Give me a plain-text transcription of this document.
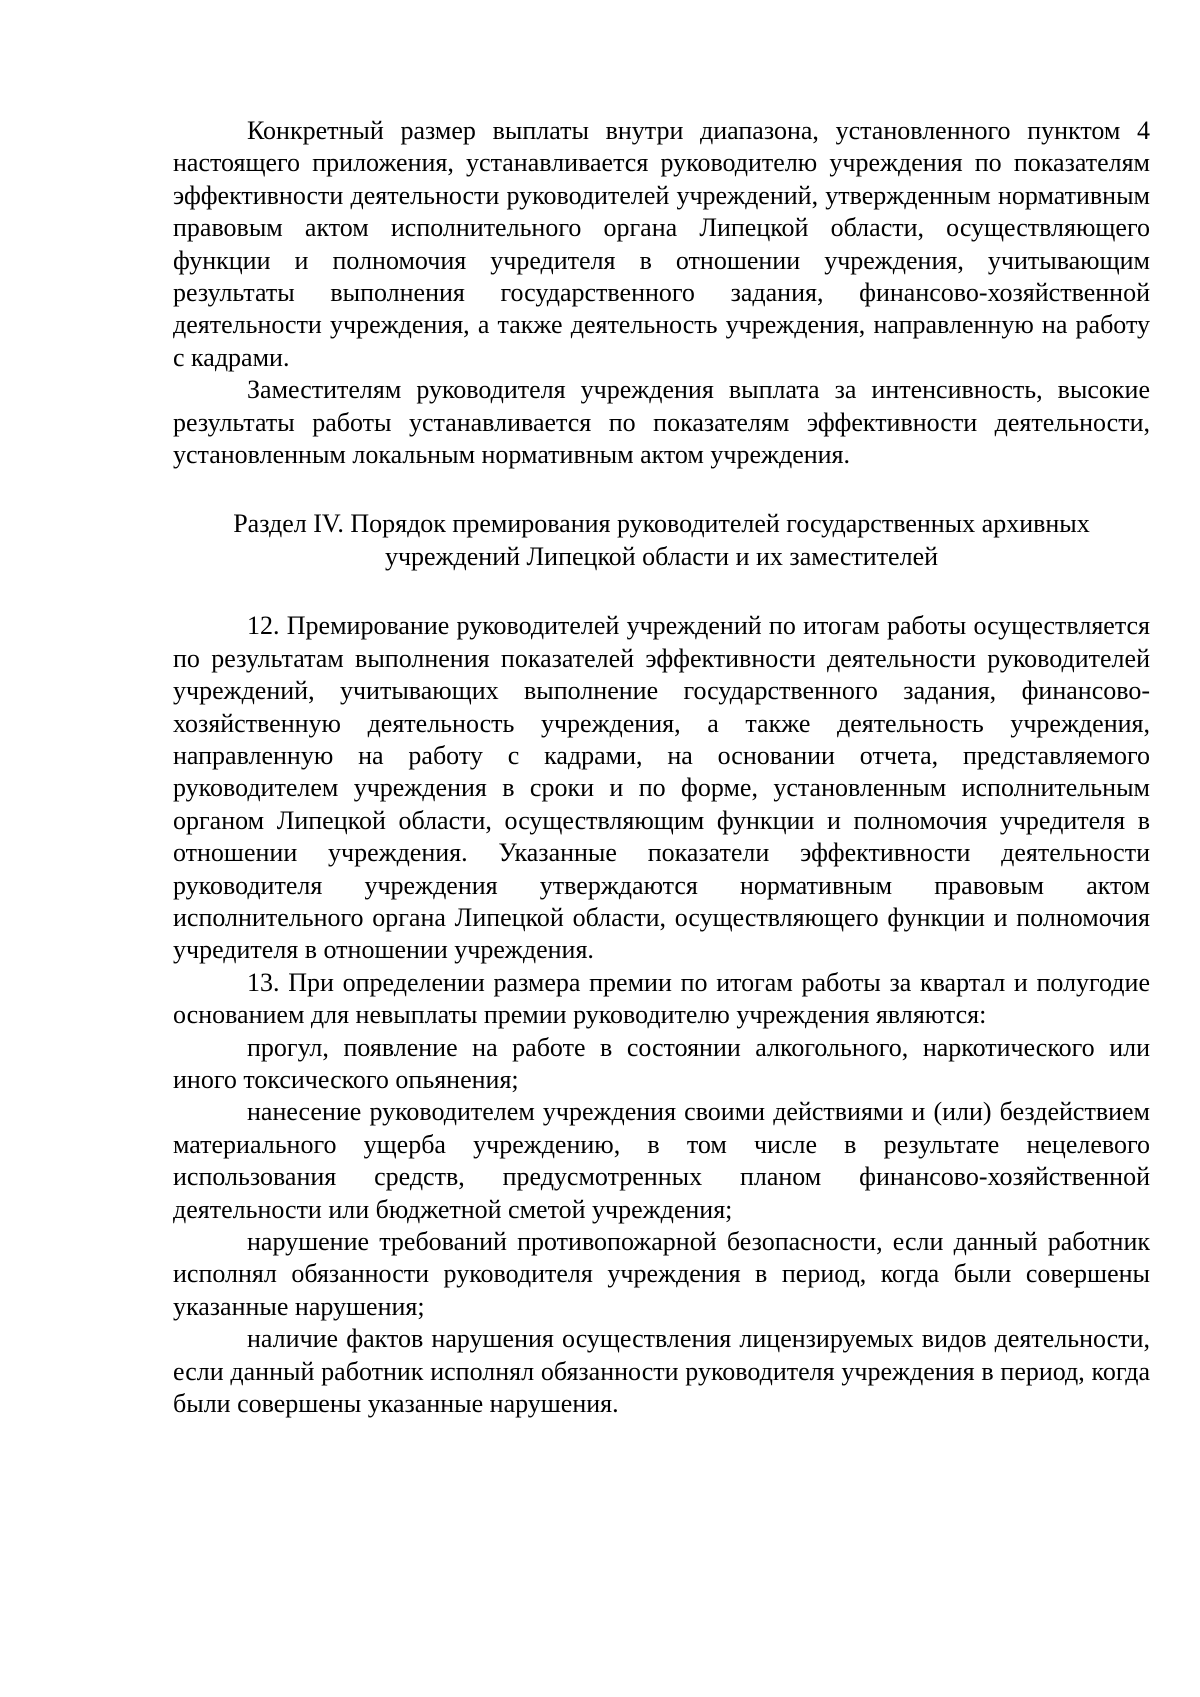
Конкретный размер выплаты внутри диапазона, установленного пунктом 4 настоящего приложения, устанавливается руководителю учреждения по показателям эффективности деятельности руководителей учреждений, утвержденным нормативным правовым актом исполнительного органа Липецкой области, осуществляющего функции и полномочия учредителя в отношении учреждения, учитывающим результаты выполнения государственного задания, финансово-хозяйственной деятельности учреждения, а также деятельность учреждения, направленную на работу с кадрами.

Заместителям руководителя учреждения выплата за интенсивность, высокие результаты работы устанавливается по показателям эффективности деятельности, установленным локальным нормативным актом учреждения.

Раздел IV. Порядок премирования руководителей государственных архивных
учреждений Липецкой области и их заместителей

12. Премирование руководителей учреждений по итогам работы осуществляется по результатам выполнения показателей эффективности деятельности руководителей учреждений, учитывающих выполнение государственного задания, финансово-хозяйственную деятельность учреждения, а также деятельность учреждения, направленную на работу с кадрами, на основании отчета, представляемого руководителем учреждения в сроки и по форме, установленным исполнительным органом Липецкой области, осуществляющим функции и полномочия учредителя в отношении учреждения. Указанные показатели эффективности деятельности руководителя учреждения утверждаются нормативным правовым актом исполнительного органа Липецкой области, осуществляющего функции и полномочия учредителя в отношении учреждения.

13. При определении размера премии по итогам работы за квартал и полугодие основанием для невыплаты премии руководителю учреждения являются:

прогул, появление на работе в состоянии алкогольного, наркотического или иного токсического опьянения;

нанесение руководителем учреждения своими действиями и (или) бездействием материального ущерба учреждению, в том числе в результате нецелевого использования средств, предусмотренных планом финансово-хозяйственной деятельности или бюджетной сметой учреждения;

нарушение требований противопожарной безопасности, если данный работник исполнял обязанности руководителя учреждения в период, когда были совершены указанные нарушения;

наличие фактов нарушения осуществления лицензируемых видов деятельности, если данный работник исполнял обязанности руководителя учреждения в период, когда были совершены указанные нарушения.
